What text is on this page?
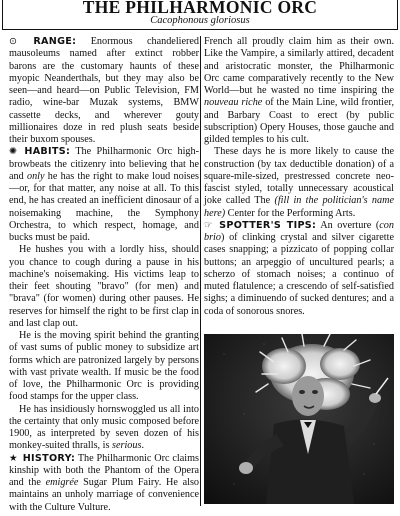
THE PHILHARMONIC ORC
Cacophonous gloriosus

⊙ RANGE: Enormous chandeliered mausoleums named after extinct robber barons are the customary haunts of these myopic Neanderthals, but they may also be seen—and heard—on Public Television, FM radio, wine-bar Muzak systems, BMW cassette decks, and wherever gouty millionaires doze in red plush seats beside their buxom spouses.

✺ HABITS: The Philharmonic Orc high-browbeats the citizenry into believing that he and only he has the right to make loud noises—or, for that matter, any noise at all. To this end, he has created an inefficient dinosaur of a noisemaking machine, the Symphony Orchestra, to which respect, homage, and bucks must be paid.

He hushes you with a lordly hiss, should you chance to cough during a pause in his machine's noisemaking. His victims leap to their feet shouting "bravo" (for men) and "brava" (for women) during other pauses. He reserves for himself the right to be first clap in and last clap out.

He is the moving spirit behind the granting of vast sums of public money to subsidize art forms which are patronized largely by persons with vast private wealth. If music be the food of love, the Philharmonic Orc is providing food stamps for the upper class.

He has insidiously hornswoggled us all into the certainty that only music composed before 1900, as interpreted by seven dozen of his monkey-suited thralls, is serious.

★ HISTORY: The Philharmonic Orc claims kinship with both the Phantom of the Opera and the emigrée Sugar Plum Fairy. He also maintains an unholy marriage of convenience with the Culture Vulture.

French all proudly claim him as their own. Like the Vampire, a similarly attired, decadent and aristocratic monster, the Philharmonic Orc came comparatively recently to the New World—but he wasted no time inspiring the nouveau riche of the Main Line, wild frontier, and Barbary Coast to erect (by public subscription) Opery Houses, those gauche and gilded temples to his cult.

These days he is more likely to cause the construction (by tax deductible donation) of a square-mile-sized, prestressed concrete neo-fascist styled, totally unnecessary acoustical joke called The (fill in the politician's name here) Center for the Performing Arts.

☞ SPOTTER'S TIPS: An overture (con brio) of clinking crystal and silver cigarette cases snapping; a pizzicato of popping collar buttons; an arpeggio of uncultured pearls; a scherzo of stomach noises; a continuo of muted flatulence; a crescendo of self-satisfied sighs; a diminuendo of sucked dentures; and a coda of sonorous snores.
